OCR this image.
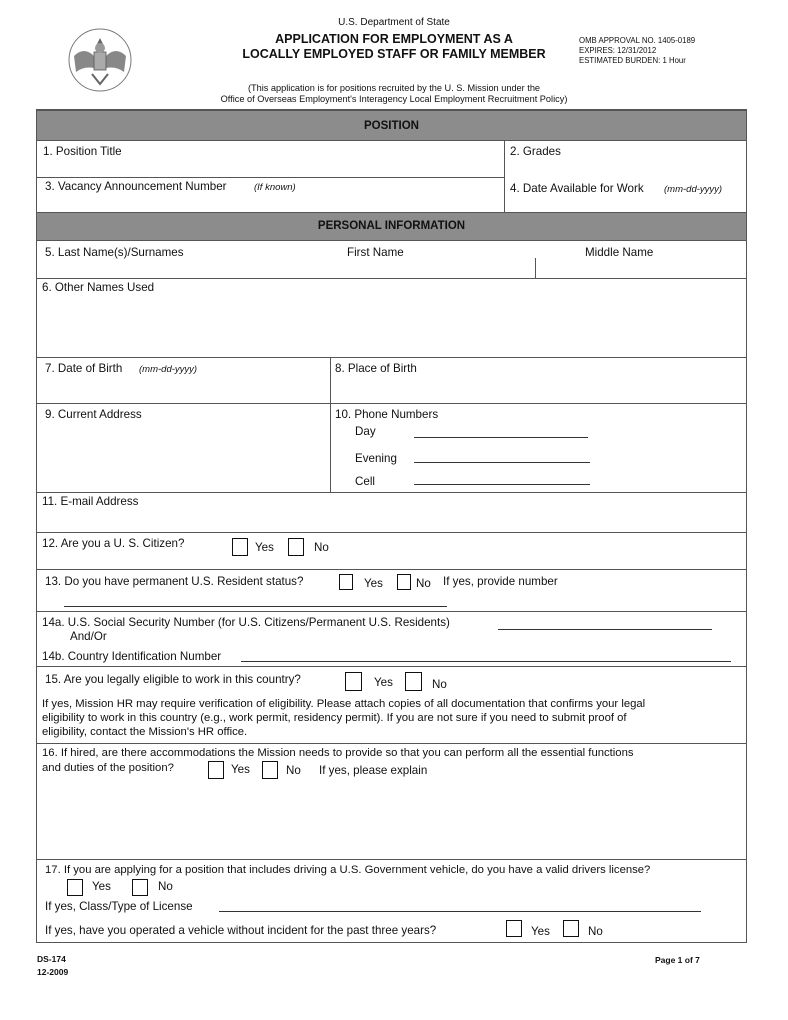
U.S. Department of State
APPLICATION FOR EMPLOYMENT AS A
LOCALLY EMPLOYED STAFF OR FAMILY MEMBER
OMB APPROVAL NO. 1405-0189
EXPIRES: 12/31/2012
ESTIMATED BURDEN: 1 Hour
(This application is for positions recruited by the U. S. Mission under the
Office of Overseas Employment's Interagency Local Employment Recruitment Policy)
POSITION
1. Position Title	2. Grades
3. Vacancy Announcement Number	(If known)	4. Date Available for Work (mm-dd-yyyy)
PERSONAL INFORMATION
5. Last Name(s)/Surnames	First Name	Middle Name
6. Other Names Used
7. Date of Birth (mm-dd-yyyy)	8. Place of Birth
9. Current Address	10. Phone Numbers
Day
Evening
Cell
11. E-mail Address
12. Are you a U. S. Citizen?	Yes	No
13. Do you have permanent U.S. Resident status?	Yes	No If yes, provide number
14a. U.S. Social Security Number (for U.S. Citizens/Permanent U.S. Residents)
And/Or
14b. Country Identification Number
15. Are you legally eligible to work in this country?	Yes	No
If yes, Mission HR may require verification of eligibility. Please attach copies of all documentation that confirms your legal
eligibility to work in this country (e.g., work permit, residency permit). If you are not sure if you need to submit proof of
eligibility, contact the Mission's HR office.
16. If hired, are there accommodations the Mission needs to provide so that you can perform all the essential functions
and duties of the position?	Yes	No If yes, please explain
17. If you are applying for a position that includes driving a U.S. Government vehicle, do you have a valid drivers license?
Yes	No
If yes, Class/Type of License
If yes, have you operated a vehicle without incident for the past three years?	Yes	No
DS-174
12-2009
Page 1 of 7
